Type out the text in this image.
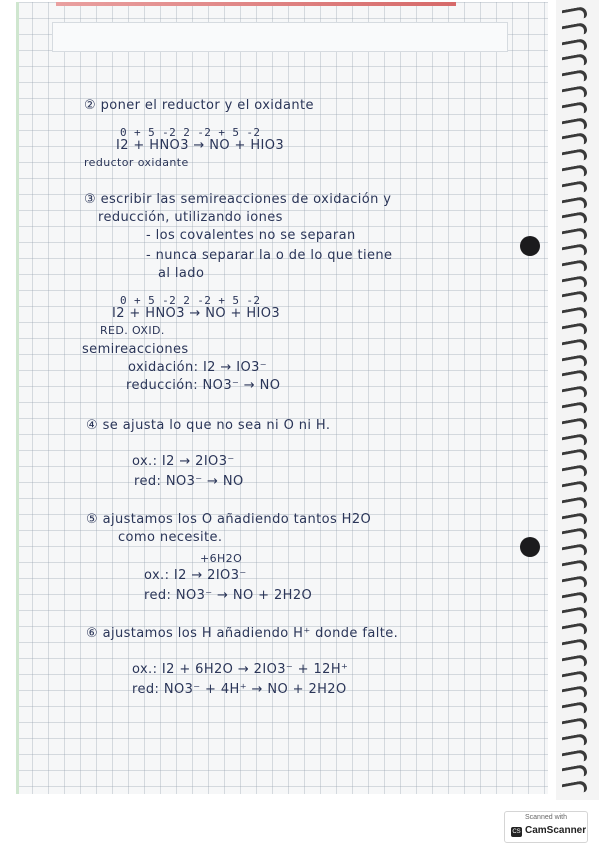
② poner el reductor y el oxidante
0 + 5 -2 2 -2 + 5 -2
I2 + HNO3 → NO + HIO3
reductor oxidante
③ escribir las semireacciones de oxidación y
reducción, utilizando iones
- los covalentes no se separan
- nunca separar la o de lo que tiene
al lado
0 + 5 -2 2 -2 + 5 -2
I2 + HNO3 → NO + HIO3
RED. OXID.
semireacciones
oxidación: I2 → IO3⁻
reducción: NO3⁻ → NO
④ se ajusta lo que no sea ni O ni H.
ox.: I2 → 2IO3⁻
red: NO3⁻ → NO
⑤ ajustamos los O añadiendo tantos H2O
como necesite.
+6H2O
ox.: I2 → 2IO3⁻
red: NO3⁻ → NO + 2H2O
⑥ ajustamos los H añadiendo H⁺ donde falte.
ox.: I2 + 6H2O → 2IO3⁻ + 12H⁺
red: NO3⁻ + 4H⁺ → NO + 2H2O
Scanned with
CS CamScanner
